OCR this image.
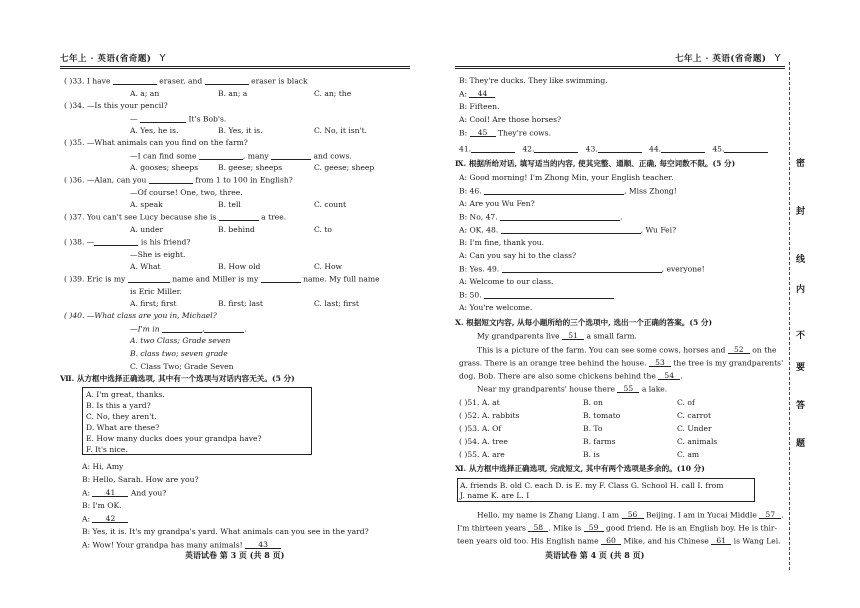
七年上 · 英语(省奇题) Y
( )33. I have	eraser, and	eraser is black
A. a; an	B. an; a	C. an; the
( )34. —Is this your pencil?
—	It's Bob's.
A. Yes, he is.	B. Yes, it is.	C. No, it isn't.
( )35. —What animals can you find on the farm?
—I can find some	, many	and cows.
A. gooses; sheeps	B. geese; sheeps	C. geese; sheep
( )36. —Alan, can you	from 1 to 100 in English?
—Of course! One, two, three.
A. speak	B. tell	C. count
( )37. You can't see Lucy because she is	a tree.
A. under	B. behind	C. to
( )38. —	is his friend?
—She is eight.
A. What	B. How old	C. How
( )39. Eric is my	name and Miller is my	name. My full name
is Eric Miller.
A. first; first	B. first; last	C. last; first
( )40. —What class are you in, Michael?
—I'm in	,	.
A. two Class; Grade seven
B. class two; seven grade
C. Class Two; Grade Seven
Ⅶ. 从方框中选择正确选项, 其中有一个选项与对话内容无关。(5 分)
A. I'm great, thanks.
B. Is this a yard?
C. No, they aren't.
D. What are these?
E. How many ducks does your grandpa have?
F. It's nice.
A: Hi, Amy
B: Hello, Sarah. How are you?
A: 41 And you?
B: I'm OK.
A: 42
B: Yes, it is. It's my grandpa's yard. What animals can you see in the yard?
A: Wow! Your grandpa has many animals! 43
英语试卷 第 3 页 (共 8 页)
七年上 · 英语(省奇题) Y
B: They're ducks. They like swimming.
A: 44
B: Fifteen.
A: Cool! Are those horses?
B: 45 They're cows.
41.	42.	43.	44.	45.
Ⅸ. 根据所给对话, 填写适当的内容, 使其完整、通顺、正确, 每空词数不限。(5 分)
A: Good morning! I'm Zhong Min, your English teacher.
B: 46.	, Miss Zhong!
A: Are you Wu Fen?
B: No, 47.	.
A: OK. 48.	, Wu Fei?
B: I'm fine, thank you.
A: Can you say hi to the class?
B: Yes. 49.	, everyone!
A: Welcome to our class.
B: 50.
A: You're welcome.
Ⅹ. 根据短文内容, 从每小题所给的三个选项中, 选出一个正确的答案。(5 分)
My grandparents live 51 a small farm.
This is a picture of the farm. You can see some cows, horses and 52 on the
grass. There is an orange tree behind the house. 53 the tree is my grandparents'
dog, Bob. There are also some chickens behind the 54 .
Near my grandparents' house there 55 a lake.
( )51. A. at	B. on	C. of
( )52. A. rabbits	B. tomato	C. carrot
( )53. A. Of	B. To	C. Under
( )54. A. tree	B. farms	C. animals
( )55. A. are	B. is	C. am
Ⅺ. 从方框中选择正确选项, 完成短文, 其中有两个选项是多余的。(10 分)
A. friends B. old C. each D. is E. my F. Class G. School H. call I. from
J. name K. are L. I
Hello, my name is Zhang Liang. I am 56 Beijing. I am in Yucai Middle 57 .
I'm thirteen years 58 . Mike is 59 good friend. He is an English boy. He is thir-
teen years old too. His English name 60 Mike, and his Chinese 61 is Wang Lei.
英语试卷 第 4 页 (共 8 页)
密
封
线
内
不
要
答
题
